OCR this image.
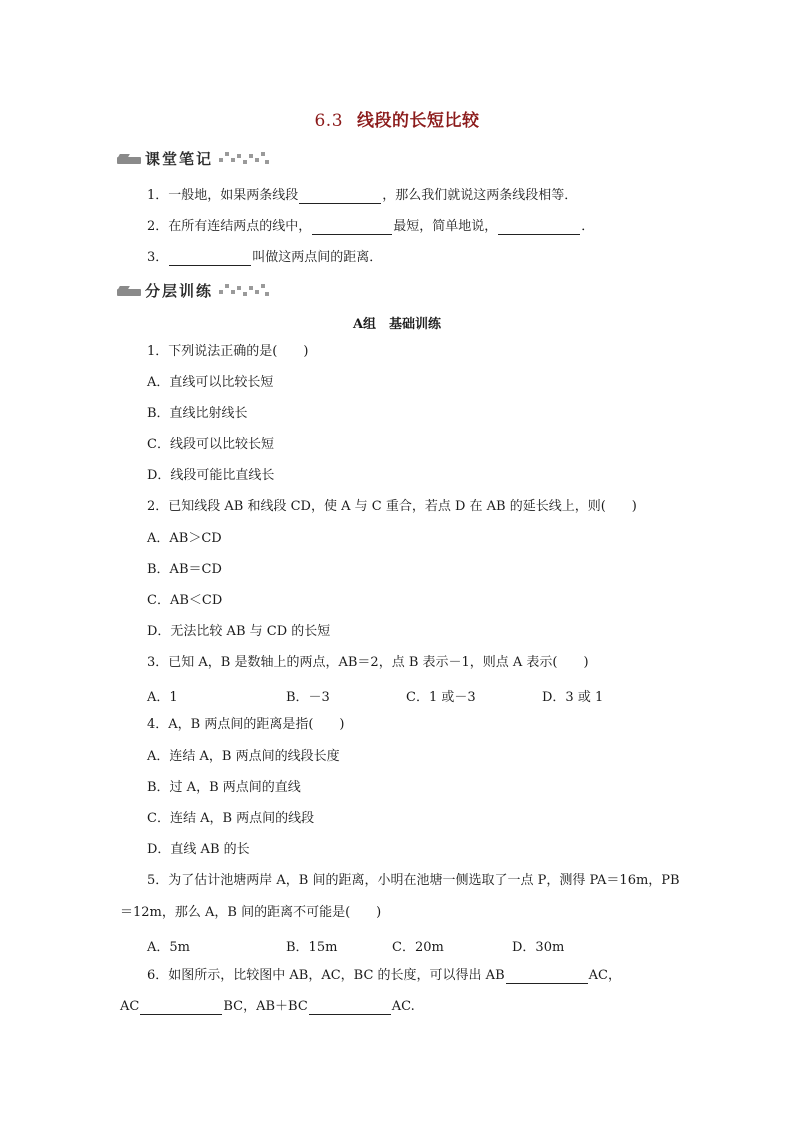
6.3 线段的长短比较
课堂笔记
1．一般地，如果两条线段	，那么我们就说这两条线段相等．
2．在所有连结两点的线中，	最短，简单地说，	．
3．	叫做这两点间的距离．
分层训练
A组　基础训练
1．下列说法正确的是(　　)
A．直线可以比较长短
B．直线比射线长
C．线段可以比较长短
D．线段可能比直线长
2．已知线段 AB 和线段 CD，使 A 与 C 重合，若点 D 在 AB 的延长线上，则(　　)
A．AB＞CD
B．AB＝CD
C．AB＜CD
D．无法比较 AB 与 CD 的长短
3．已知 A，B 是数轴上的两点，AB＝2，点 B 表示－1，则点 A 表示(　　)
A．1	B．－3	C．1 或－3	D．3 或 1
4．A，B 两点间的距离是指(　　)
A．连结 A，B 两点间的线段长度
B．过 A，B 两点间的直线
C．连结 A，B 两点间的线段
D．直线 AB 的长
5．为了估计池塘两岸 A，B 间的距离，小明在池塘一侧选取了一点 P，测得 PA＝16m，PB
＝12m，那么 A，B 间的距离不可能是(　　)
A．5m	B．15m	C．20m	D．30m
6．如图所示，比较图中 AB，AC，BC 的长度，可以得出 AB	AC，
AC	BC，AB＋BC	AC.
